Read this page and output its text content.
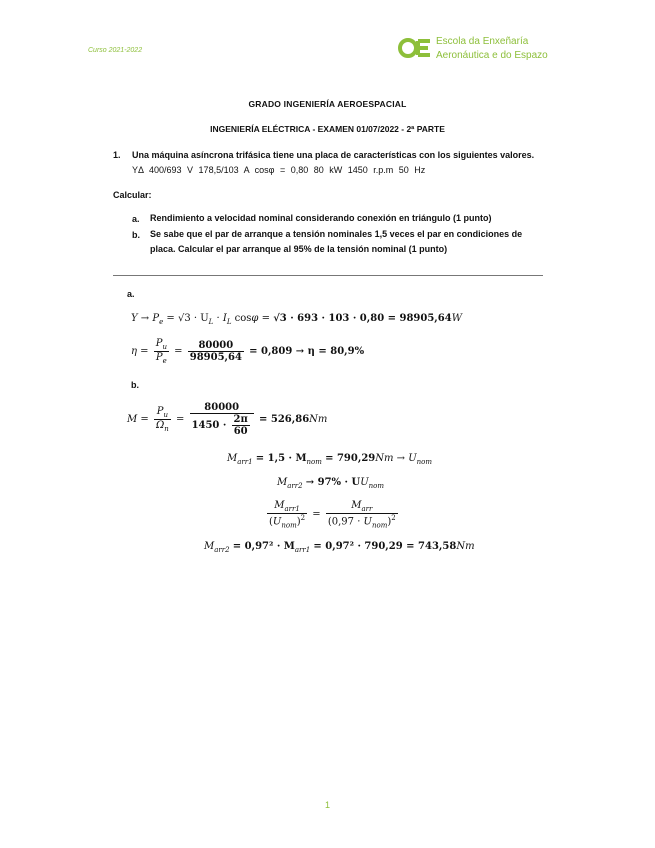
Curso 2021-2022
Escola da Enxeñaría
Aeronáutica e do Espazo
GRADO INGENIERÍA AEROESPACIAL
INGENIERÍA ELÉCTRICA - EXAMEN 01/07/2022 - 2ª PARTE
1. Una máquina asíncrona trifásica tiene una placa de características con los siguientes valores.
YΔ 400/693 V 178,5/103 A cosφ = 0,80 80 kW 1450 r.p.m 50 Hz
Calcular:
a. Rendimiento a velocidad nominal considerando conexión en triángulo (1 punto)
b. Se sabe que el par de arranque a tensión nominales 1,5 veces el par en condiciones de placa. Calcular el par arranque al 95% de la tensión nominal (1 punto)
a.
$Y \to P_e = √3 \cdot U_L \cdot I_L$ cosφ = √3 · 693 · 103 · 0,80 = 98905,64W
$\eta = \frac{P_u}{P_e} = \frac{80000}{98905,64} = 0,809 \to \eta = 80,9\%$
b.
$M = \frac{P_u}{\Omega_n} = \frac{80000}{1450 \cdot \frac{2\pi}{60}} = 526,86Nm$
$M_{arr1} = 1,5 \cdot M_{nom} = 790,29Nm \to U_{nom}$
$M_{arr2} \to 97\% \cdot UU_{nom}$
$\frac{M_{arr1}}{(U_{nom})^2} = \frac{M_{arr}}{(0,97 \cdot U_{nom})^2}$
$M_{arr2} = 0,97^2 \cdot M_{arr1} = 0,97^2 \cdot 790,29 = 743,58Nm$
1
